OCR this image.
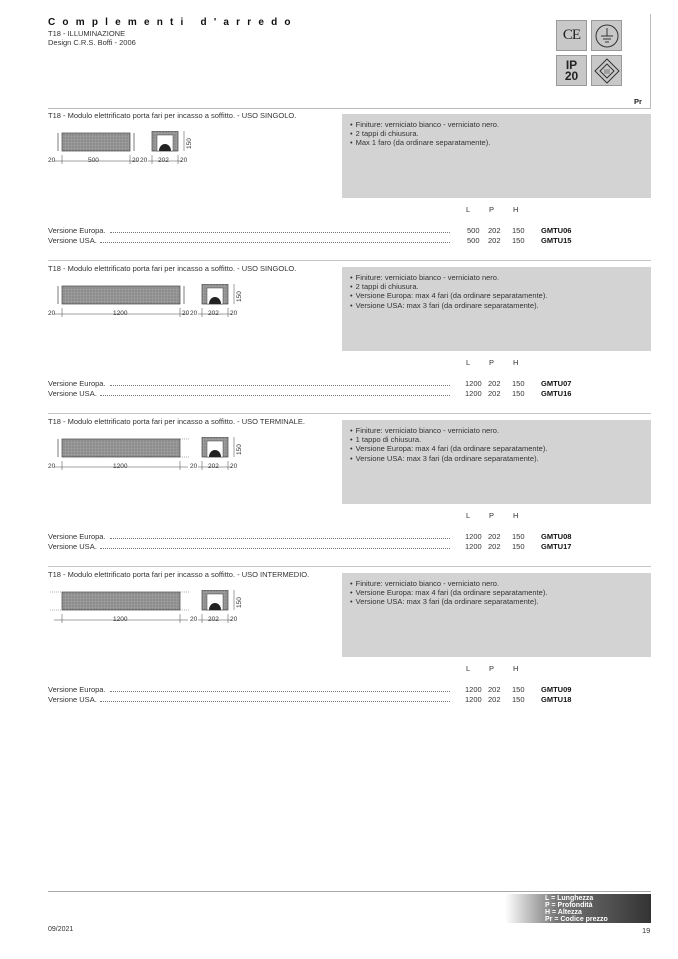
Complementi d'arredo
T18 - ILLUMINAZIONE
Design C.R.S. Boffi - 2006	CE
IP
20	III
Pr
T18 - Modulo elettrificato porta fari per incasso a soffitto. - USO SINGOLO.
20	500	20 20 202 20
150
• Finiture: verniciato bianco - verniciato nero.
• 2 tappi di chiusura.
• Max 1 faro (da ordinare separatamente).
L	P	H
Versione Europa.	500 202 150 GMTU06
Versione USA.	500 202 150 GMTU15
T18 - Modulo elettrificato porta fari per incasso a soffitto. - USO SINGOLO.
20	1200	20 20 202 20
150
• Finiture: verniciato bianco - verniciato nero.
• 2 tappi di chiusura.
• Versione Europa: max 4 fari (da ordinare separatamente).
• Versione USA: max 3 fari (da ordinare separatamente).
L	P	H
Versione Europa.	1200 202 150 GMTU07
Versione USA.	1200 202 150 GMTU16
T18 - Modulo elettrificato porta fari per incasso a soffitto. - USO TERMINALE.
20	1200	20 202 20
150
• Finiture: verniciato bianco - verniciato nero.
• 1 tappo di chiusura.
• Versione Europa: max 4 fari (da ordinare separatamente).
• Versione USA: max 3 fari (da ordinare separatamente).
L	P	H
Versione Europa.	1200 202 150 GMTU08
Versione USA.	1200 202 150 GMTU17
T18 - Modulo elettrificato porta fari per incasso a soffitto. - USO INTERMEDIO.
1200	20 202 20
150
• Finiture: verniciato bianco - verniciato nero.
• Versione Europa: max 4 fari (da ordinare separatamente).
• Versione USA: max 3 fari (da ordinare separatamente).
L	P	H
Versione Europa.	1200 202 150 GMTU09
Versione USA.	1200 202 150 GMTU18
L = Lunghezza
P = Profondità
H = Altezza
Pr = Codice prezzo
09/2021	19
